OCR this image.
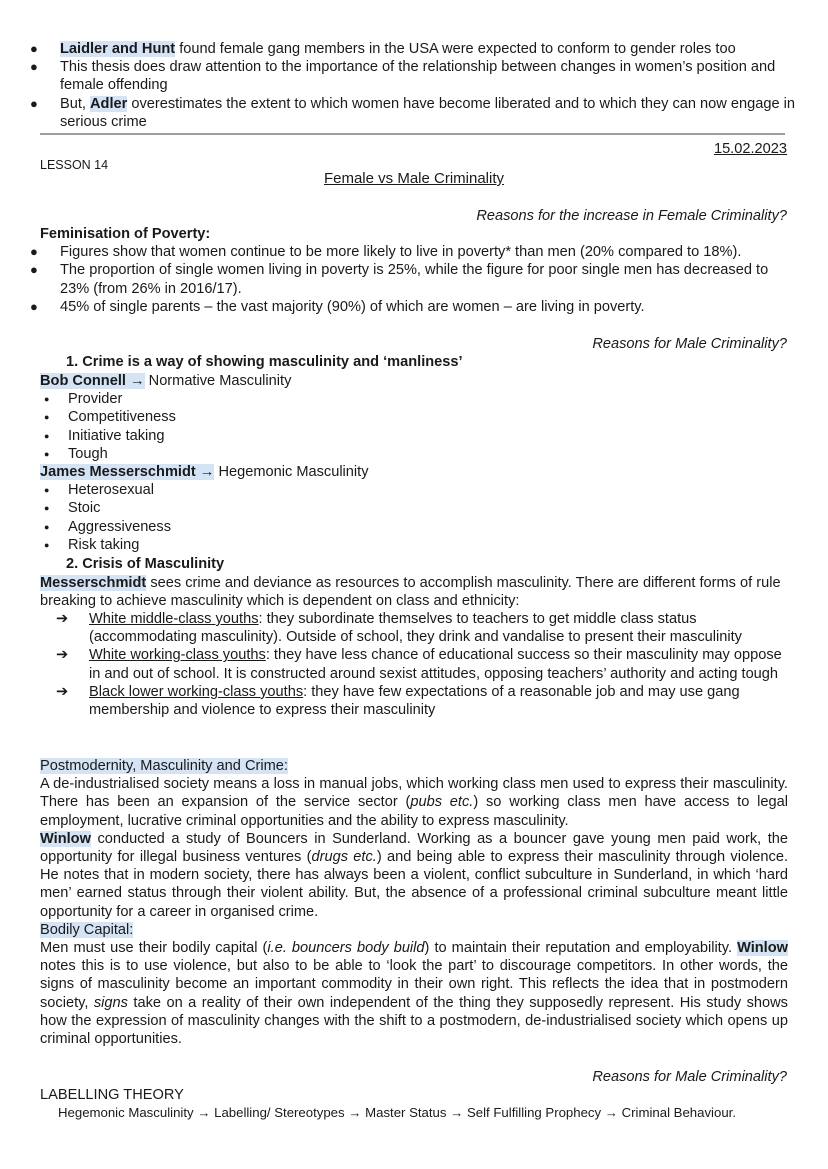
●	Laidler and Hunt found female gang members in the USA were expected to conform to gender roles too
●	This thesis does draw attention to the importance of the relationship between changes in women’s position and female offending
●	But, Adler overestimates the extent to which women have become liberated and to which they can now engage in serious crime
15.02.2023
LESSON 14
Female vs Male Criminality
Reasons for the increase in Female Criminality?
Feminisation of Poverty:
● Figures show that women continue to be more likely to live in poverty* than men (20% compared to 18%).
● The proportion of single women living in poverty is 25%, while the figure for poor single men has decreased to 23% (from 26% in 2016/17).
● 45% of single parents – the vast majority (90%) of which are women – are living in poverty.
Reasons for Male Criminality?
1. Crime is a way of showing masculinity and ‘manliness’
Bob Connell → Normative Masculinity
● Provider
● Competitiveness
● Initiative taking
● Tough
James Messerschmidt → Hegemonic Masculinity
● Heterosexual
● Stoic
● Aggressiveness
● Risk taking
2. Crisis of Masculinity
Messerschmidt sees crime and deviance as resources to accomplish masculinity. There are different forms of rule breaking to achieve masculinity which is dependent on class and ethnicity:
➔ White middle-class youths: they subordinate themselves to teachers to get middle class status (accommodating masculinity). Outside of school, they drink and vandalise to present their masculinity
➔ White working-class youths: they have less chance of educational success so their masculinity may oppose in and out of school. It is constructed around sexist attitudes, opposing teachers’ authority and acting tough
➔ Black lower working-class youths: they have few expectations of a reasonable job and may use gang membership and violence to express their masculinity
Postmodernity, Masculinity and Crime:
A de-industrialised society means a loss in manual jobs, which working class men used to express their masculinity. There has been an expansion of the service sector (pubs etc.) so working class men have access to legal employment, lucrative criminal opportunities and the ability to express masculinity.
Winlow conducted a study of Bouncers in Sunderland. Working as a bouncer gave young men paid work, the opportunity for illegal business ventures (drugs etc.) and being able to express their masculinity through violence. He notes that in modern society, there has always been a violent, conflict subculture in Sunderland, in which ‘hard men’ earned status through their violent ability. But, the absence of a professional criminal subculture meant little opportunity for a career in organised crime.
Bodily Capital:
Men must use their bodily capital (i.e. bouncers body build) to maintain their reputation and employability. Winlow notes this is to use violence, but also to be able to ‘look the part’ to discourage competitors. In other words, the signs of masculinity become an important commodity in their own right. This reflects the idea that in postmodern society, signs take on a reality of their own independent of the thing they supposedly represent. His study shows how the expression of masculinity changes with the shift to a postmodern, de-industrialised society which opens up criminal opportunities.
Reasons for Male Criminality?
LABELLING THEORY
Hegemonic Masculinity → Labelling/ Stereotypes → Master Status → Self Fulfilling Prophecy → Criminal Behaviour.
